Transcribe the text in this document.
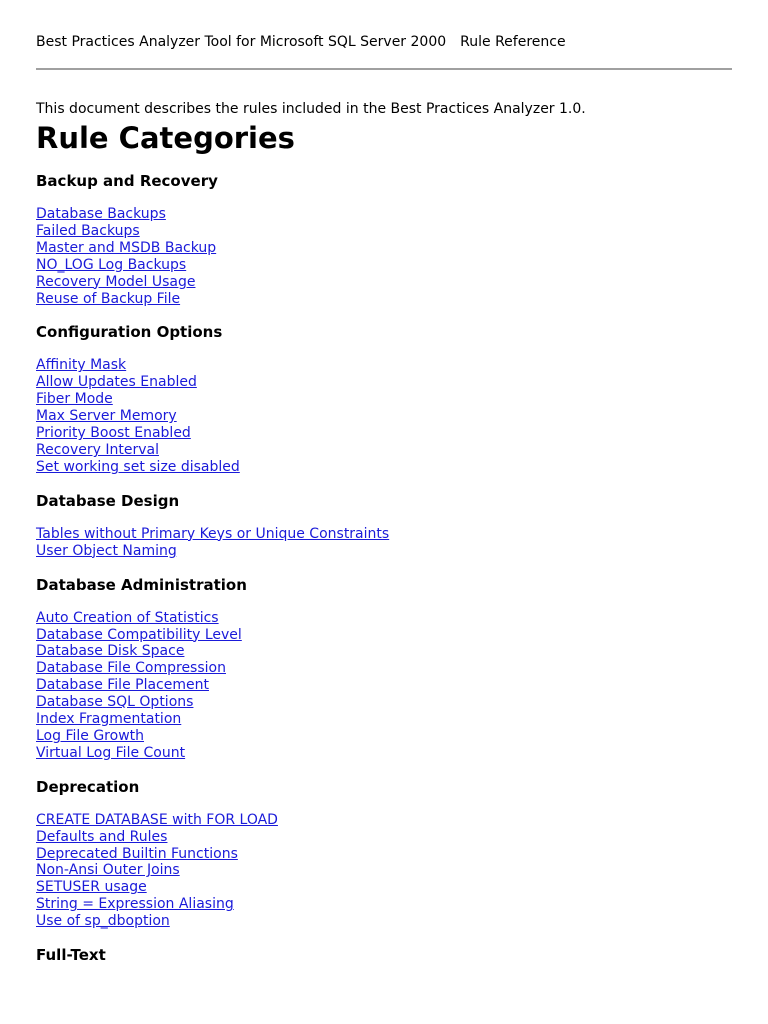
Best Practices Analyzer Tool for Microsoft SQL Server 2000 Rule Reference

This document describes the rules included in the Best Practices Analyzer 1.0.

Rule Categories
Backup and Recovery
Database Backups
Failed Backups
Master and MSDB Backup
NO_LOG Log Backups
Recovery Model Usage
Reuse of Backup File
Configuration Options
Affinity Mask
Allow Updates Enabled
Fiber Mode
Max Server Memory
Priority Boost Enabled
Recovery Interval
Set working set size disabled
Database Design
Tables without Primary Keys or Unique Constraints
User Object Naming
Database Administration
Auto Creation of Statistics
Database Compatibility Level
Database Disk Space
Database File Compression
Database File Placement
Database SQL Options
Index Fragmentation
Log File Growth
Virtual Log File Count
Deprecation
CREATE DATABASE with FOR LOAD
Defaults and Rules
Deprecated Builtin Functions
Non-Ansi Outer Joins
SETUSER usage
String = Expression Aliasing
Use of sp_dboption
Full-Text
